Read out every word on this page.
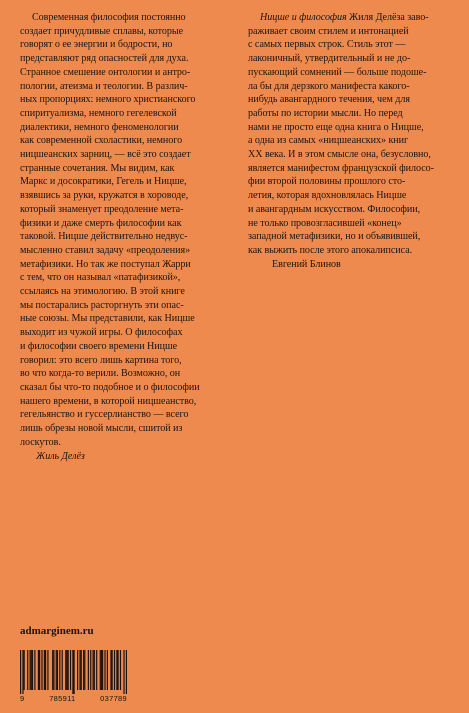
Современная философия постоянно
создает причудливые сплавы, которые
говорят о ее энергии и бодрости, но
представляют ряд опасностей для духа.
Странное смешение онтологии и антро-
пологии, атеизма и теологии. В различ-
ных пропорциях: немного христианского
спиритуализма, немного гегелевской
диалектики, немного феноменологии
как современной схоластики, немного
ницшеанских зарниц, — всё это создает
странные сочетания. Мы видим, как
Маркс и досократики, Гегель и Ницше,
взявшись за руки, кружатся в хороводе,
который знаменует преодоление мета-
физики и даже смерть философии как
таковой. Ницше действительно недвус-
мысленно ставил задачу «преодоления»
метафизики. Но так же поступал Жарри
с тем, что он называл «патафизикой»,
ссылаясь на этимологию. В этой книге
мы постарались расторгнуть эти опас-
ные союзы. Мы представили, как Ницше
выходит из чужой игры. О философах
и философии своего времени Ницше
говорил: это всего лишь картина того,
во что когда-то верили. Возможно, он
сказал бы что-то подобное и о философии
нашего времени, в которой ницшеанство,
гегельянство и гуссерлианство — всего
лишь обрезы новой мысли, сшитой из
лоскутов.
Жиль Делёз
Ницше и философия Жиля Делёза заво-
раживает своим стилем и интонацией
с самых первых строк. Стиль этот —
лаконичный, утвердительный и не до-
пускающий сомнений — больше подоше-
ла бы для дерзкого манифеста какого-
нибудь авангардного течения, чем для
работы по истории мысли. Но перед
нами не просто еще одна книга о Ницше,
а одна из самых «ницшеанских» книг
XX века. И в этом смысле она, безусловно,
является манифестом французской филосо-
фии второй половины прошлого сто-
летия, которая вдохновлялась Ницше
и авангардным искусством. Философии,
не только провозгласившей «конец»
западной метафизики, но и объявившей,
как выжить после этого апокалипсиса.
Евгений Блинов
admarginem.ru
9	785911	037789
